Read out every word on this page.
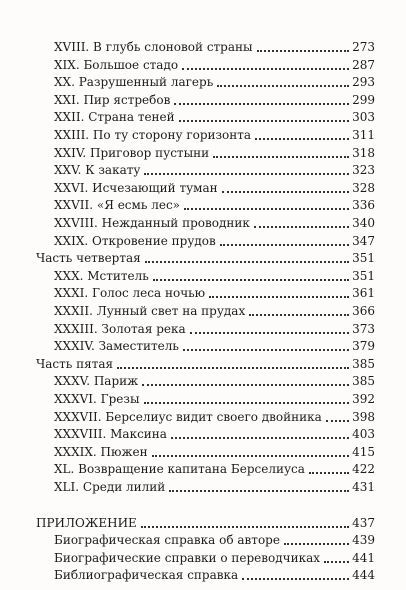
XVIII. В глубь слоновой страны	273
XIX. Большое стадо	287
XX. Разрушенный лагерь	293
XXI. Пир ястребов	299
XXII. Страна теней	303
XXIII. По ту сторону горизонта	311
XXIV. Приговор пустыни	318
XXV. К закату	323
XXVI. Исчезающий туман	328
XXVII. «Я есмь лес»	336
XXVIII. Нежданный проводник	340
XXIX. Откровение прудов	347
Часть четвертая	351
XXX. Мститель	351
XXXI. Голос леса ночью	361
XXXII. Лунный свет на прудах	366
XXXIII. Золотая река	373
XXXIV. Заместитель	379
Часть пятая	385
XXXV. Париж	385
XXXVI. Грезы	392
XXXVII. Берселиус видит своего двойника	398
XXXVIII. Максина	403
XXXIX. Пюжен	415
XL. Возвращение капитана Берселиуса	422
XLI. Среди лилий	431
ПРИЛОЖЕНИЕ	437
Биографическая справка об авторе	439
Биографические справки о переводчиках	441
Библиографическая справка	444
